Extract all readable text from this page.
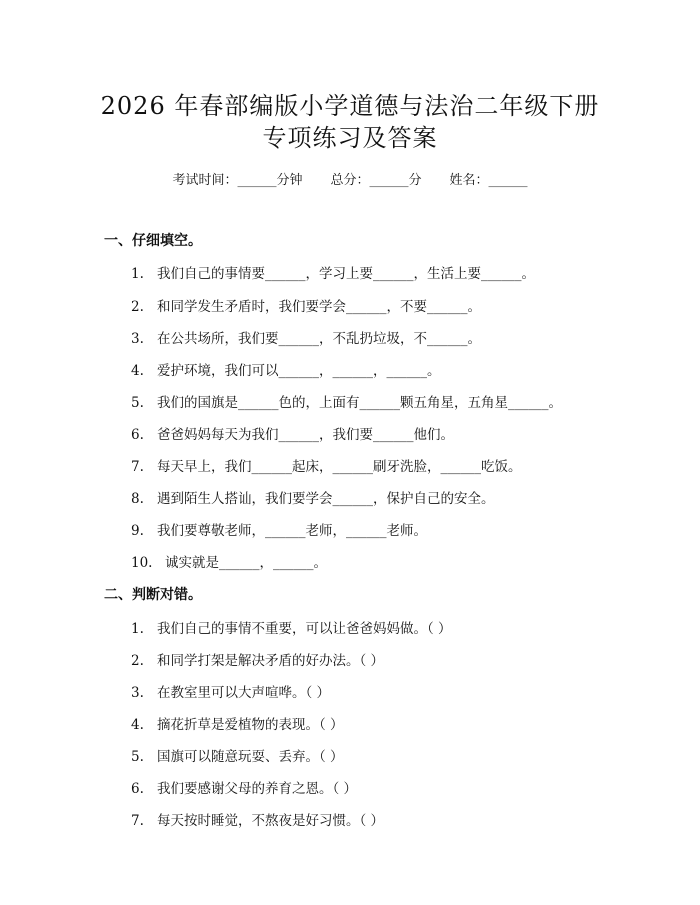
2026 年春部编版小学道德与法治二年级下册
专项练习及答案
考试时间：______分钟 总分：______分 姓名：______
一、仔细填空。
1. 我们自己的事情要______，学习上要______，生活上要______。
2. 和同学发生矛盾时，我们要学会______，不要______。
3. 在公共场所，我们要______，不乱扔垃圾，不______。
4. 爱护环境，我们可以______，______，______。
5. 我们的国旗是______色的，上面有______颗五角星，五角星______。
6. 爸爸妈妈每天为我们______，我们要______他们。
7. 每天早上，我们______起床，______刷牙洗脸，______吃饭。
8. 遇到陌生人搭讪，我们要学会______，保护自己的安全。
9. 我们要尊敬老师，______老师，______老师。
10. 诚实就是______，______。
二、判断对错。
1. 我们自己的事情不重要，可以让爸爸妈妈做。（ ）
2. 和同学打架是解决矛盾的好办法。（ ）
3. 在教室里可以大声喧哗。（ ）
4. 摘花折草是爱植物的表现。（ ）
5. 国旗可以随意玩耍、丢弃。（ ）
6. 我们要感谢父母的养育之恩。（ ）
7. 每天按时睡觉，不熬夜是好习惯。（ ）
